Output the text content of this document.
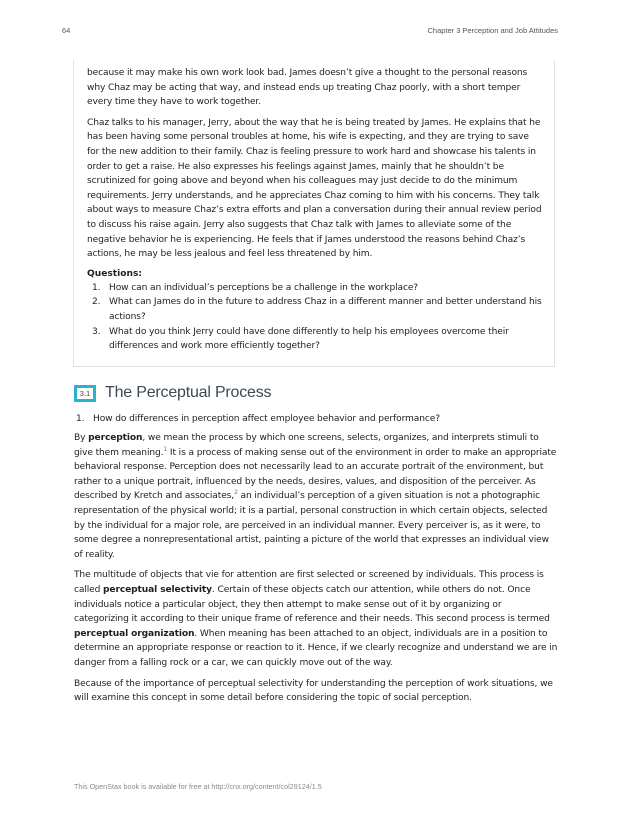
64	Chapter 3 Perception and Job Attitudes

because it may make his own work look bad. James doesn’t give a thought to the personal reasons why Chaz may be acting that way, and instead ends up treating Chaz poorly, with a short temper every time they have to work together.

Chaz talks to his manager, Jerry, about the way that he is being treated by James. He explains that he has been having some personal troubles at home, his wife is expecting, and they are trying to save for the new addition to their family. Chaz is feeling pressure to work hard and showcase his talents in order to get a raise. He also expresses his feelings against James, mainly that he shouldn’t be scrutinized for going above and beyond when his colleagues may just decide to do the minimum requirements. Jerry understands, and he appreciates Chaz coming to him with his concerns. They talk about ways to measure Chaz’s extra efforts and plan a conversation during their annual review period to discuss his raise again. Jerry also suggests that Chaz talk with James to alleviate some of the negative behavior he is experiencing. He feels that if James understood the reasons behind Chaz’s actions, he may be less jealous and feel less threatened by him.

Questions:
1. How can an individual’s perceptions be a challenge in the workplace?
2. What can James do in the future to address Chaz in a different manner and better understand his actions?
3. What do you think Jerry could have done differently to help his employees overcome their differences and work more efficiently together?
3.1 The Perceptual Process
1. How do differences in perception affect employee behavior and performance?

By perception, we mean the process by which one screens, selects, organizes, and interprets stimuli to give them meaning.$^1$ It is a process of making sense out of the environment in order to make an appropriate behavioral response. Perception does not necessarily lead to an accurate portrait of the environment, but rather to a unique portrait, influenced by the needs, desires, values, and disposition of the perceiver. As described by Kretch and associates,$^2$ an individual’s perception of a given situation is not a photographic representation of the physical world; it is a partial, personal construction in which certain objects, selected by the individual for a major role, are perceived in an individual manner. Every perceiver is, as it were, to some degree a nonrepresentational artist, painting a picture of the world that expresses an individual view of reality.

The multitude of objects that vie for attention are first selected or screened by individuals. This process is called perceptual selectivity. Certain of these objects catch our attention, while others do not. Once individuals notice a particular object, they then attempt to make sense out of it by organizing or categorizing it according to their unique frame of reference and their needs. This second process is termed perceptual organization. When meaning has been attached to an object, individuals are in a position to determine an appropriate response or reaction to it. Hence, if we clearly recognize and understand we are in danger from a falling rock or a car, we can quickly move out of the way.

Because of the importance of perceptual selectivity for understanding the perception of work situations, we will examine this concept in some detail before considering the topic of social perception.

This OpenStax book is available for free at http://cnx.org/content/col29124/1.5
